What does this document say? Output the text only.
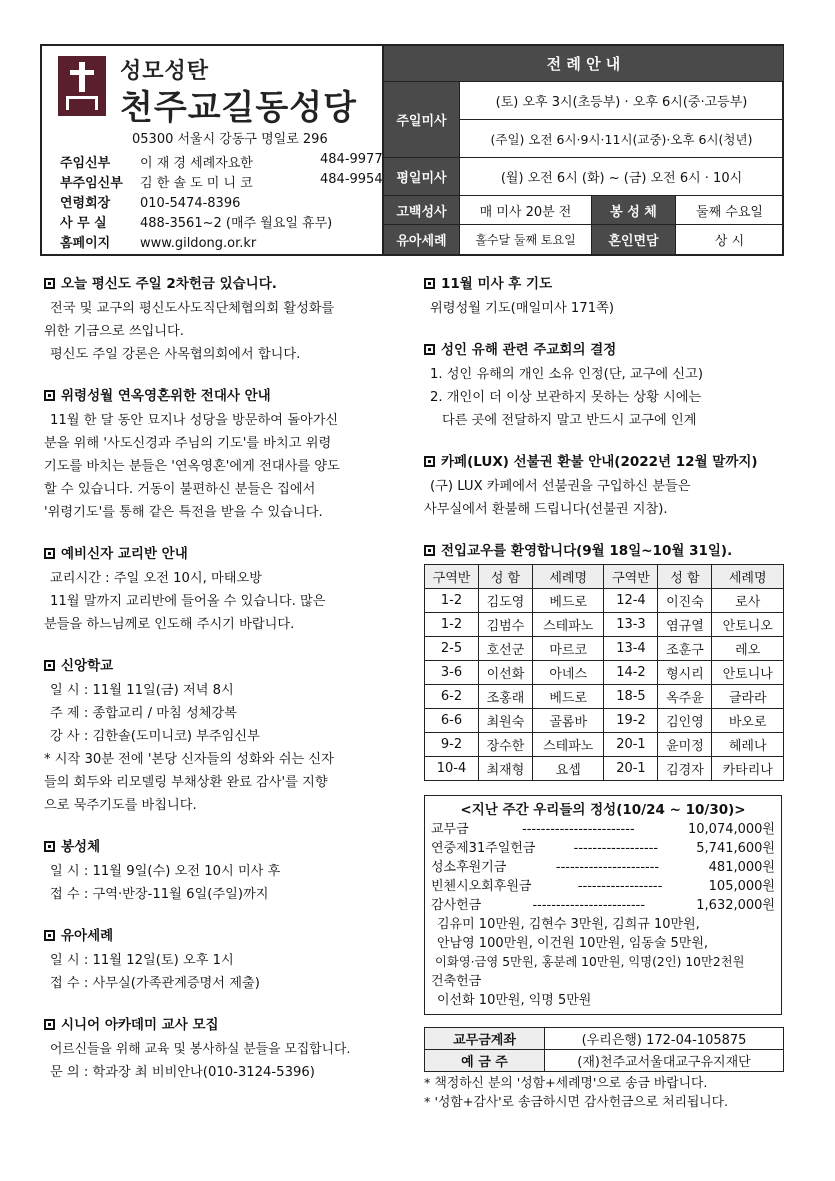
성모성탄
천주교길동성당
05300 서울시 강동구 명일로 296
주임신부 이 재 경 세례자요한	484-9977
부주임신부 김 한 솔 도 미 니 코	484-9954
연령회장 010-5474-8396
사 무 실	488-3561~2 (매주 월요일 휴무)
홈페이지 www.gildong.or.kr
전 례 안 내
주일미사
(토) 오후 3시(초등부) · 오후 6시(중·고등부)
(주일) 오전 6시·9시·11시(교중)·오후 6시(청년)
평일미사	(월) 오전 6시 (화) ~ (금) 오전 6시 · 10시
고백성사	매 미사 20분 전	봉 성 체	둘째 수요일
유아세례	홀수달 둘째 토요일	혼인면담	상 시
오늘 평신도 주일 2차헌금 있습니다.
전국 및 교구의 평신도사도직단체협의회 활성화를
위한 기금으로 쓰입니다.
평신도 주일 강론은 사목협의회에서 합니다.
위령성월 연옥영혼위한 전대사 안내
11월 한 달 동안 묘지나 성당을 방문하여 돌아가신
분을 위해 '사도신경과 주님의 기도'를 바치고 위령
기도를 바치는 분들은 '연옥영혼'에게 전대사를 양도
할 수 있습니다. 거동이 불편하신 분들은 집에서
'위령기도'를 통해 같은 특전을 받을 수 있습니다.
예비신자 교리반 안내
교리시간 : 주일 오전 10시, 마태오방
11월 말까지 교리반에 들어올 수 있습니다. 많은
분들을 하느님께로 인도해 주시기 바랍니다.
신앙학교
일 시 : 11월 11일(금) 저녁 8시
주 제 : 종합교리 / 마침 성체강복
강 사 : 김한솔(도미니코) 부주임신부
* 시작 30분 전에 '본당 신자들의 성화와 쉬는 신자
들의 회두와 리모델링 부채상환 완료 감사'를 지향
으로 묵주기도를 바칩니다.
봉성체
일 시 : 11월 9일(수) 오전 10시 미사 후
접 수 : 구역·반장-11월 6일(주일)까지
유아세례
일 시 : 11월 12일(토) 오후 1시
접 수 : 사무실(가족관계증명서 제출)
시니어 아카데미 교사 모집
어르신들을 위해 교육 및 봉사하실 분들을 모집합니다.
문 의 : 학과장 최 비비안나(010-3124-5396)
11월 미사 후 기도
위령성월 기도(매일미사 171쪽)
성인 유해 관련 주교회의 결정
1. 성인 유해의 개인 소유 인정(단, 교구에 신고)
2. 개인이 더 이상 보관하지 못하는 상황 시에는
다른 곳에 전달하지 말고 반드시 교구에 인계
카페(LUX) 선불권 환불 안내(2022년 12월 말까지)
(구) LUX 카페에서 선불권을 구입하신 분들은
사무실에서 환불해 드립니다(선불권 지참).
전입교우를 환영합니다(9월 18일~10월 31일).
구역반	성 함	세례명	구역반	성 함	세례명
1-2	김도영	베드로	12-4	이진숙	로사
1-2	김범수	스테파노	13-3	염규열	안토니오
2-5	호선군	마르코	13-4	조훈구	레오
3-6	이선화	아네스	14-2	형시리	안토니나
6-2	조홍래	베드로	18-5	옥주윤	글라라
6-6	최원숙	골롬바	19-2	김인영	바오로
9-2	장수한	스테파노	20-1	윤미정	헤레나
10-4	최재형	요셉	20-1	김경자	카타리나
<지난 주간 우리들의 정성(10/24 ~ 10/30)>
교무금	------------------------	10,074,000원
연중제31주일헌금	------------------	5,741,600원
성소후원기금	----------------------	481,000원
빈첸시오회후원금	------------------	105,000원
감사헌금	------------------------	1,632,000원
김유미 10만원, 김현수 3만원, 김희규 10만원,
안남영 100만원, 이건원 10만원, 임동술 5만원,
이화영·금영 5만원, 홍분례 10만원, 익명(2인) 10만2천원
건축헌금
이선화 10만원, 익명 5만원
교무금계좌	(우리은행) 172-04-105875
예 금 주	(재)천주교서울대교구유지재단
* 책정하신 분의 '성함+세례명'으로 송금 바랍니다.
* '성함+감사'로 송금하시면 감사헌금으로 처리됩니다.
